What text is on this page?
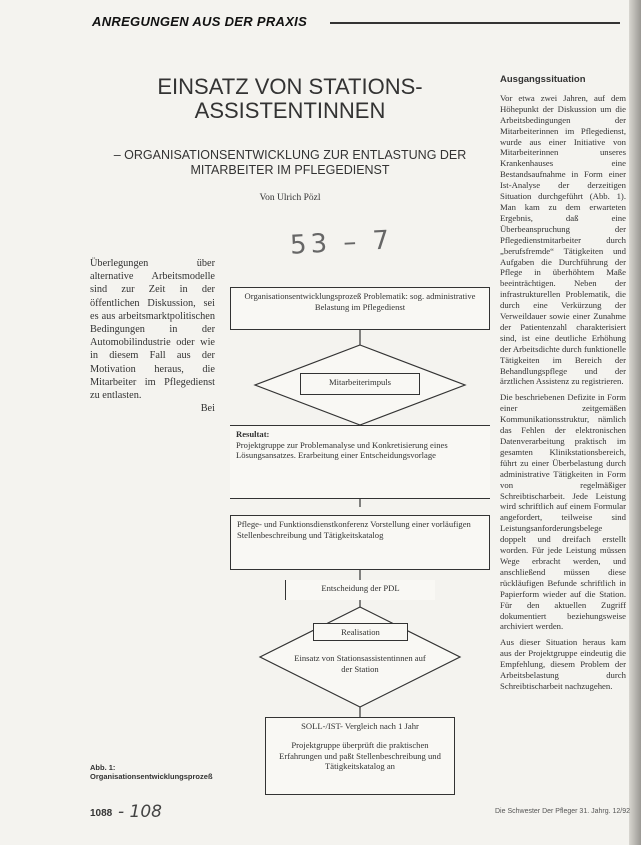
ANREGUNGEN AUS DER PRAXIS
EINSATZ VON STATIONS-ASSISTENTINNEN
– ORGANISATIONSENTWICKLUNG ZUR ENTLASTUNG DER MITARBEITER IM PFLEGEDIENST
Von Ulrich Pözl
53 – 7
Überlegungen über alternative Arbeitsmodelle sind zur Zeit in der öffentlichen Diskussion, sei es aus arbeitsmarktpolitischen Bedingungen in der Automobilindustrie oder wie in diesem Fall aus der Motivation heraus, die Mitarbeiter im Pflegedienst zu entlasten.
Bei
Organisationsentwicklungsprozeß Problematik: sog. administrative Belastung im Pflegedienst
Mitarbeiterimpuls
Resultat:
Projektgruppe zur Problemanalyse und Konkretisierung eines Lösungsansatzes. Erarbeitung einer Entscheidungsvorlage
Pflege- und Funktionsdienstkonferenz Vorstellung einer vorläufigen Stellenbeschreibung und Tätigkeitskatalog
Entscheidung der PDL
Realisation
Einsatz von Stationsassistentinnen auf der Station
SOLL-/IST- Vergleich nach 1 Jahr
Projektgruppe überprüft die praktischen Erfahrungen und paßt Stellenbeschreibung und Tätigkeitskatalog an
Abb. 1: Organisationsentwicklungsprozeß
1088 - 108
Ausgangssituation

Vor etwa zwei Jahren, auf dem Höhepunkt der Diskussion um die Arbeitsbedingungen der Mitarbeiterinnen im Pflegedienst, wurde aus einer Initiative von Mitarbeiterinnen unseres Krankenhauses eine Bestandsaufnahme in Form einer Ist-Analyse der derzeitigen Situation durchgeführt (Abb. 1). Man kam zu dem erwarteten Ergebnis, daß eine Überbeanspruchung der Pflegedienstmitarbeiter durch „berufsfremde“ Tätigkeiten und Aufgaben die Durchführung der Pflege in überhöhtem Maße beeinträchtigen. Neben der infrastrukturellen Problematik, die durch eine Verkürzung der Verweildauer sowie einer Zunahme der Patientenzahl charakterisiert sind, ist eine deutliche Erhöhung der Arbeitsdichte durch funktionelle Tätigkeiten im Bereich der Behandlungspflege und der ärztlichen Assistenz zu registrieren.

Die beschriebenen Defizite in Form einer zeitgemäßen Kommunikationsstruktur, nämlich das Fehlen der elektronischen Datenverarbeitung praktisch im gesamten Klinikstationsbereich, führt zu einer Überbelastung durch administrative Tätigkeiten in Form von regelmäßiger Schreibtischarbeit. Jede Leistung wird schriftlich auf einem Formular angefordert, teilweise sind Leistungsanforderungsbelege doppelt und dreifach erstellt worden. Für jede Leistung müssen Wege erbracht werden, und anschließend müssen diese rückläufigen Befunde schriftlich in Papierform wieder auf die Station. Für den aktuellen Zugriff dokumentiert beziehungsweise archiviert werden.

Aus dieser Situation heraus kam aus der Projektgruppe eindeutig die Empfehlung, diesem Problem der Arbeitsbelastung durch Schreibtischarbeit nachzugehen.

Die Schwester Der Pfleger 31. Jahrg. 12/92
